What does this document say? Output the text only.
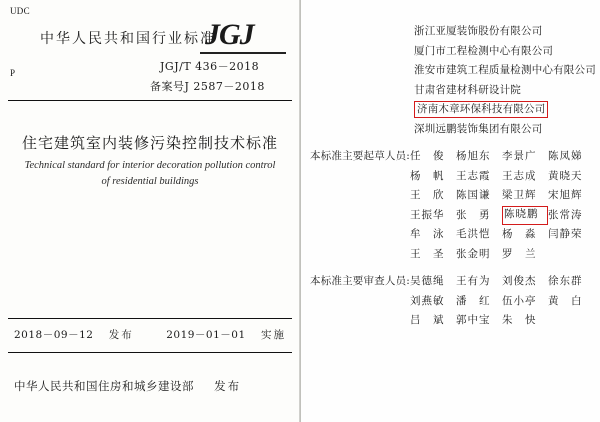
UDC
P
中华人民共和国行业标准
JGJ
JGJ/T 436－2018
备案号J 2587－2018
住宅建筑室内装修污染控制技术标准
Technical standard for interior decoration pollution control
of residential buildings
2018－09－12 发布	2019－01－01 实施
中华人民共和国住房和城乡建设部 发布
浙江亚厦装饰股份有限公司
厦门市工程检测中心有限公司
淮安市建筑工程质量检测中心有限公司
甘肃省建材科研设计院
济南木章环保科技有限公司
深圳远鹏装饰集团有限公司
本标准主要起草人员: 任　俊	杨旭东	李景广	陈凤娣
杨　帆	王志霞	王志成	黄晓天
王　欣	陈国谦	梁卫辉	宋旭辉
王振华	张　勇	陈晓鹏 张常涛
牟　泳	毛洪恺	杨　淼	闫静荣
王　圣	张金明	罗　兰
本标准主要审查人员: 吴德绳	王有为	刘俊杰	徐东群
刘燕敏	潘　红	伍小亭	黄　白
吕　斌	郭中宝	朱　快
